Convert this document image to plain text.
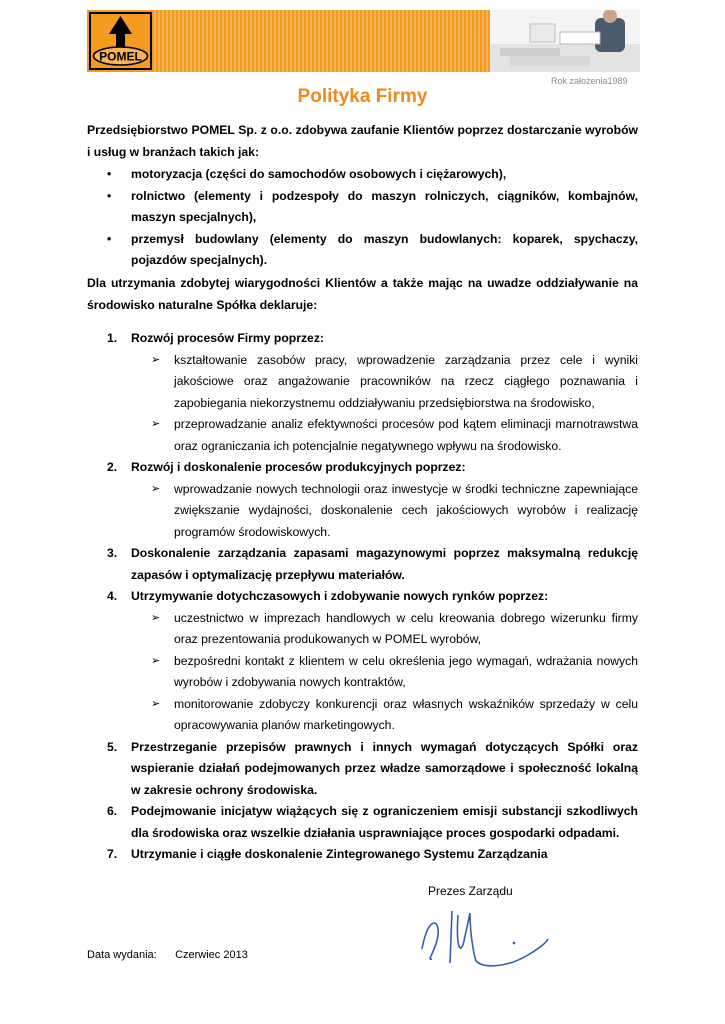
POMEL
Rok założenia1989
Polityka Firmy

Przedsiębiorstwo POMEL Sp. z o.o. zdobywa zaufanie Klientów poprzez dostarczanie wyrobów i usług w branżach takich jak:

• motoryzacja (części do samochodów osobowych i ciężarowych),
• rolnictwo (elementy i podzespoły do maszyn rolniczych, ciągników, kombajnów, maszyn specjalnych),
• przemysł budowlany (elementy do maszyn budowlanych: koparek, spychaczy, pojazdów specjalnych).

Dla utrzymania zdobytej wiarygodności Klientów a także mając na uwadze oddziaływanie na środowisko naturalne Spółka deklaruje:

1. Rozwój procesów Firmy poprzez:
➢ kształtowanie zasobów pracy, wprowadzenie zarządzania przez cele i wyniki jakościowe oraz angażowanie pracowników na rzecz ciągłego poznawania i zapobiegania niekorzystnemu oddziaływaniu przedsiębiorstwa na środowisko,
➢ przeprowadzanie analiz efektywności procesów pod kątem eliminacji marnotrawstwa oraz ograniczania ich potencjalnie negatywnego wpływu na środowisko.
2. Rozwój i doskonalenie procesów produkcyjnych poprzez:
➢ wprowadzanie nowych technologii oraz inwestycje w środki techniczne zapewniające zwiększanie wydajności, doskonalenie cech jakościowych wyrobów i realizację programów środowiskowych.
3. Doskonalenie zarządzania zapasami magazynowymi poprzez maksymalną redukcję zapasów i optymalizację przepływu materiałów.
4. Utrzymywanie dotychczasowych i zdobywanie nowych rynków poprzez:
➢ uczestnictwo w imprezach handlowych w celu kreowania dobrego wizerunku firmy oraz prezentowania produkowanych w POMEL wyrobów,
➢ bezpośredni kontakt z klientem w celu określenia jego wymagań, wdrażania nowych wyrobów i zdobywania nowych kontraktów,
➢ monitorowanie zdobyczy konkurencji oraz własnych wskaźników sprzedaży w celu opracowywania planów marketingowych.
5. Przestrzeganie przepisów prawnych i innych wymagań dotyczących Spółki oraz wspieranie działań podejmowanych przez władze samorządowe i społeczność lokalną w zakresie ochrony środowiska.
6. Podejmowanie inicjatyw wiążących się z ograniczeniem emisji substancji szkodliwych dla środowiska oraz wszelkie działania usprawniające proces gospodarki odpadami.
7. Utrzymanie i ciągłe doskonalenie Zintegrowanego Systemu Zarządzania
Prezes Zarządu
Data wydania: Czerwiec 2013
